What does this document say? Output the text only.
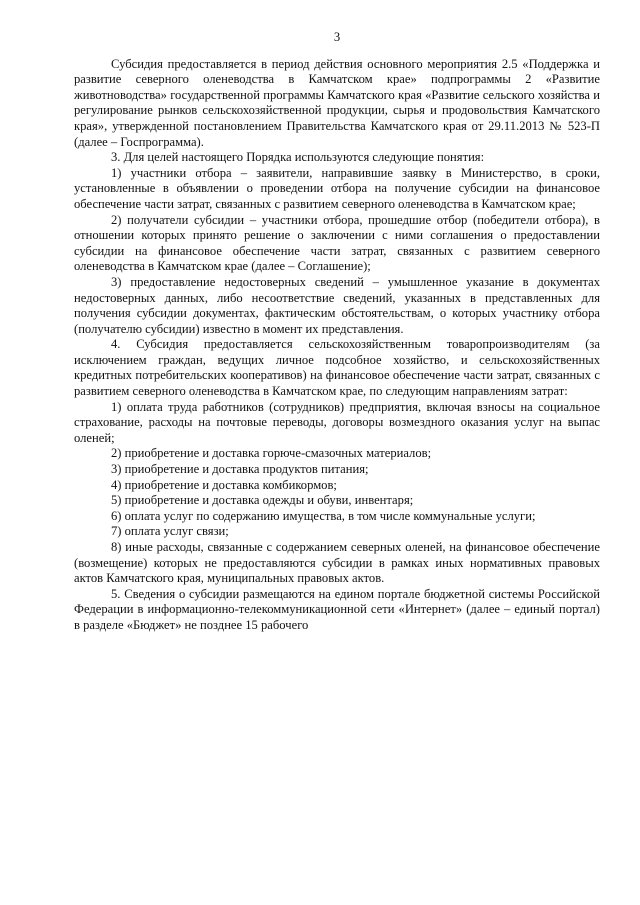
3

Субсидия предоставляется в период действия основного мероприятия 2.5 «Поддержка и развитие северного оленеводства в Камчатском крае» подпрограммы 2 «Развитие животноводства» государственной программы Камчатского края «Развитие сельского хозяйства и регулирование рынков сельскохозяйственной продукции, сырья и продовольствия Камчатского края», утвержденной постановлением Правительства Камчатского края от 29.11.2013 № 523-П (далее – Госпрограмма).

3. Для целей настоящего Порядка используются следующие понятия:

1) участники отбора – заявители, направившие заявку в Министерство, в сроки, установленные в объявлении о проведении отбора на получение субсидии на финансовое обеспечение части затрат, связанных с развитием северного оленеводства в Камчатском крае;

2) получатели субсидии – участники отбора, прошедшие отбор (победители отбора), в отношении которых принято решение о заключении с ними соглашения о предоставлении субсидии на финансовое обеспечение части затрат, связанных с развитием северного оленеводства в Камчатском крае (далее – Соглашение);

3) предоставление недостоверных сведений – умышленное указание в документах недостоверных данных, либо несоответствие сведений, указанных в представленных для получения субсидии документах, фактическим обстоятельствам, о которых участнику отбора (получателю субсидии) известно в момент их представления.

4. Субсидия предоставляется сельскохозяйственным товаропроизводителям (за исключением граждан, ведущих личное подсобное хозяйство, и сельскохозяйственных кредитных потребительских кооперативов) на финансовое обеспечение части затрат, связанных с развитием северного оленеводства в Камчатском крае, по следующим направлениям затрат:

1) оплата труда работников (сотрудников) предприятия, включая взносы на социальное страхование, расходы на почтовые переводы, договоры возмездного оказания услуг на выпас оленей;

2) приобретение и доставка горюче-смазочных материалов;

3) приобретение и доставка продуктов питания;

4) приобретение и доставка комбикормов;

5) приобретение и доставка одежды и обуви, инвентаря;

6) оплата услуг по содержанию имущества, в том числе коммунальные услуги;

7) оплата услуг связи;

8) иные расходы, связанные с содержанием северных оленей, на финансовое обеспечение (возмещение) которых не предоставляются субсидии в рамках иных нормативных правовых актов Камчатского края, муниципальных правовых актов.

5. Сведения о субсидии размещаются на едином портале бюджетной системы Российской Федерации в информационно-телекоммуникационной сети «Интернет» (далее – единый портал) в разделе «Бюджет» не позднее 15 рабочего
